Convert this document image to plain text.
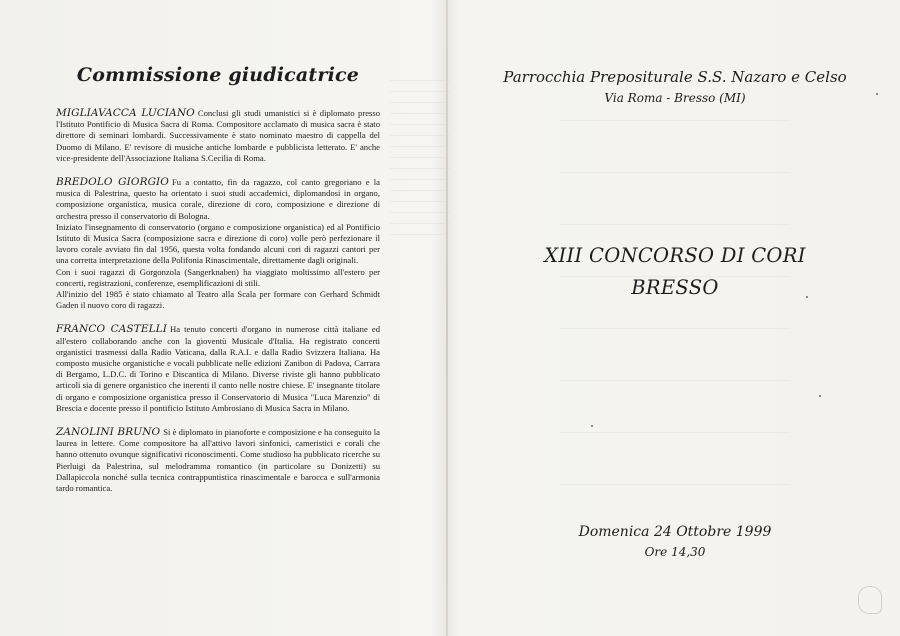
Commissione giudicatrice

MIGLIAVACCA LUCIANO Conclusi gli studi umanistici si è diplomato presso l'Istituto Pontificio di Musica Sacra di Roma. Compositore acclamato di musica sacra è stato direttore di seminari lombardi. Successivamente è stato nominato maestro di cappella del Duomo di Milano. E' revisore di musiche antiche lombarde e pubblicista letterato. E' anche vice-presidente dell'Associazione Italiana S.Cecilia di Roma.

BREDOLO GIORGIO Fu a contatto, fin da ragazzo, col canto gregoriano e la musica di Palestrina, questo ha orientato i suoi studi accademici, diplomandosi in organo, composizione organistica, musica corale, direzione di coro, composizione e direzione di orchestra presso il conservatorio di Bologna.

Iniziato l'insegnamento di conservatorio (organo e composizione organistica) ed al Pontificio Istituto di Musica Sacra (composizione sacra e direzione di coro) volle però perfezionare il lavoro corale avviato fin dal 1956, questa volta fondando alcuni cori di ragazzi cantori per una corretta interpretazione della Polifonia Rinascimentale, direttamente dagli originali.

Con i suoi ragazzi di Gorgonzola (Sangerknaben) ha viaggiato moltissimo all'estero per concerti, registrazioni, conferenze, esemplificazioni di stili.

All'inizio del 1985 è stato chiamato al Teatro alla Scala per formare con Gerhard Schmidt Gaden il nuovo coro di ragazzi.

FRANCO CASTELLI Ha tenuto concerti d'organo in numerose città italiane ed all'estero collaborando anche con la gioventù Musicale d'Italia. Ha registrato concerti organistici trasmessi dalla Radio Vaticana, dalla R.A.I. e dalla Radio Svizzera Italiana. Ha composto musiche organistiche e vocali pubblicate nelle edizioni Zanibon di Padova, Carrara di Bergamo, L.D.C. di Torino e Discantica di Milano. Diverse riviste gli hanno pubblicato articoli sia di genere organistico che inerenti il canto nelle nostre chiese. E' insegnante titolare di organo e composizione organistica presso il Conservatorio di Musica "Luca Marenzio" di Brescia e docente presso il pontificio Istituto Ambrosiano di Musica Sacra in Milano.

ZANOLINI BRUNO Si è diplomato in pianoforte e composizione e ha conseguito la laurea in lettere. Come compositore ha all'attivo lavori sinfonici, cameristici e corali che hanno ottenuto ovunque significativi riconoscimenti. Come studioso ha pubblicato ricerche su Pierluigi da Palestrina, sul melodramma romantico (in particolare su Donizetti) su Dallapiccola nonché sulla tecnica contrappuntistica rinascimentale e barocca e sull'armonia tardo romantica.

Parrocchia Prepositurale S.S. Nazaro e Celso
Via Roma - Bresso (MI)
XIII CONCORSO DI CORI
BRESSO
Domenica 24 Ottobre 1999
Ore 14,30
